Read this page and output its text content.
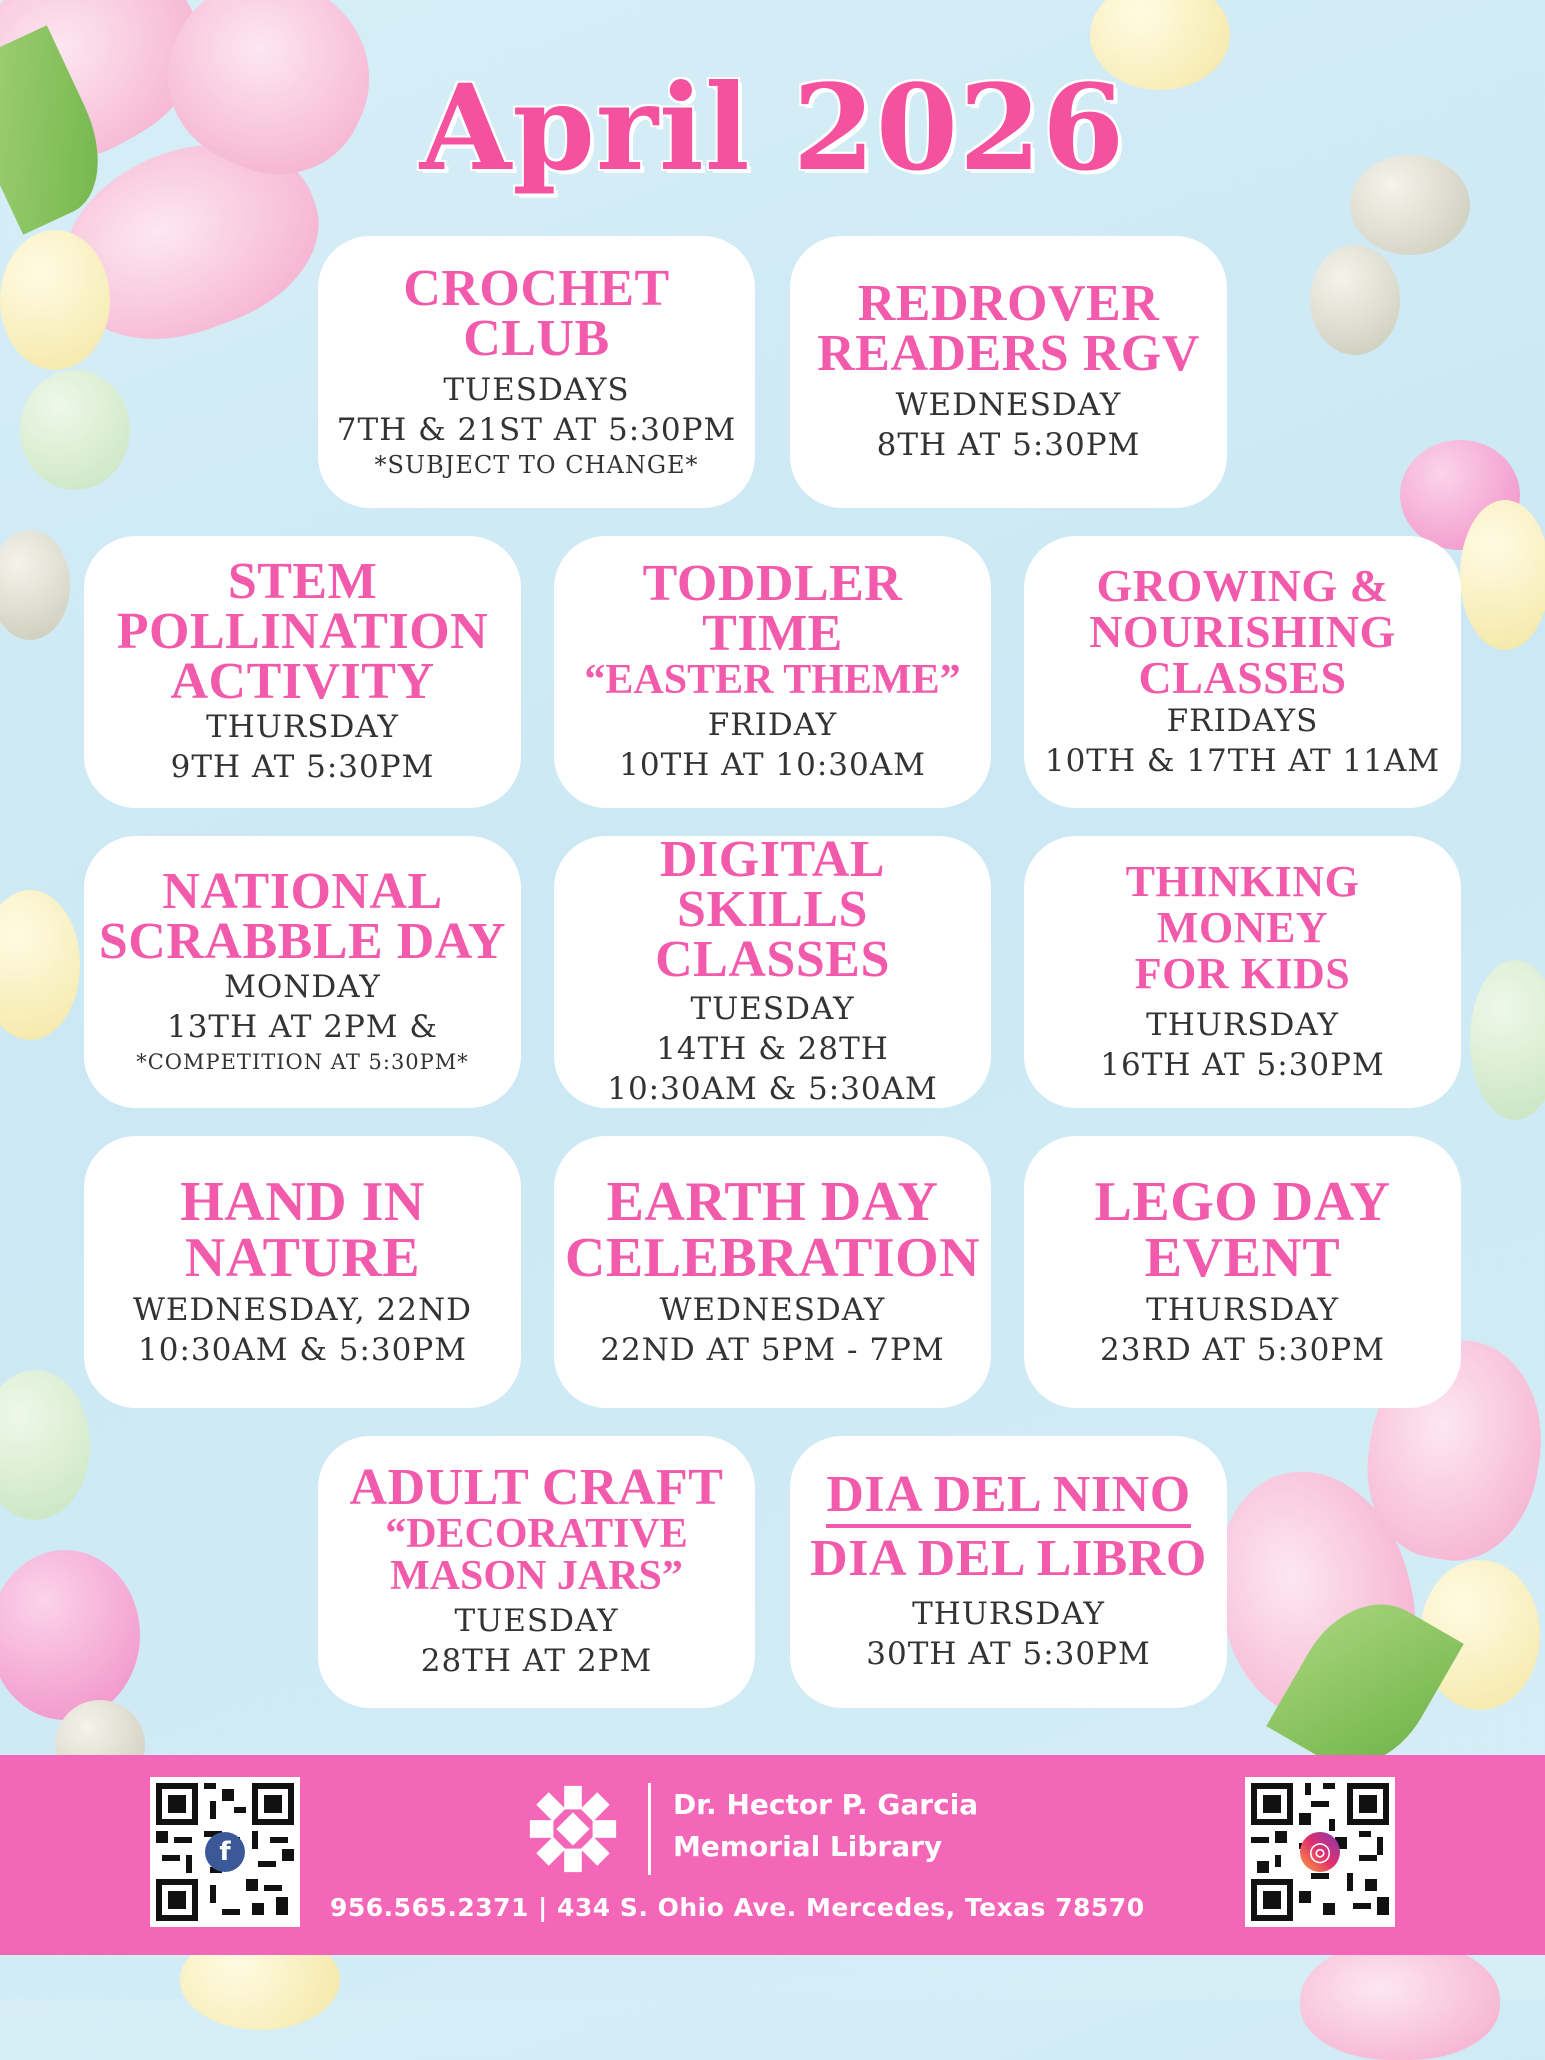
April 2026
CROCHET CLUB
TUESDAYS
7TH & 21ST AT 5:30PM
*SUBJECT TO CHANGE*
REDROVER
READERS RGV
WEDNESDAY
8TH AT 5:30PM
STEM
POLLINATION
ACTIVITY
THURSDAY
9TH AT 5:30PM
TODDLER TIME
“EASTER THEME”
FRIDAY
10TH AT 10:30AM
GROWING &
NOURISHING
CLASSES
FRIDAYS
10TH & 17TH AT 11AM
NATIONAL
SCRABBLE DAY
MONDAY
13TH AT 2PM &
*COMPETITION AT 5:30PM*
DIGITAL SKILLS
CLASSES
TUESDAY
14TH & 28TH
10:30AM & 5:30AM
THINKING MONEY
FOR KIDS
THURSDAY
16TH AT 5:30PM
HAND IN
NATURE
WEDNESDAY, 22ND
10:30AM & 5:30PM
EARTH DAY
CELEBRATION
WEDNESDAY
22ND AT 5PM - 7PM
LEGO DAY
EVENT
THURSDAY
23RD AT 5:30PM
ADULT CRAFT
“DECORATIVE
MASON JARS”
TUESDAY
28TH AT 2PM
DIA DEL NINO
DIA DEL LIBRO
THURSDAY
30TH AT 5:30PM
f	◎
Dr. Hector P. Garcia
Memorial Library
956.565.2371 | 434 S. Ohio Ave. Mercedes, Texas 78570
